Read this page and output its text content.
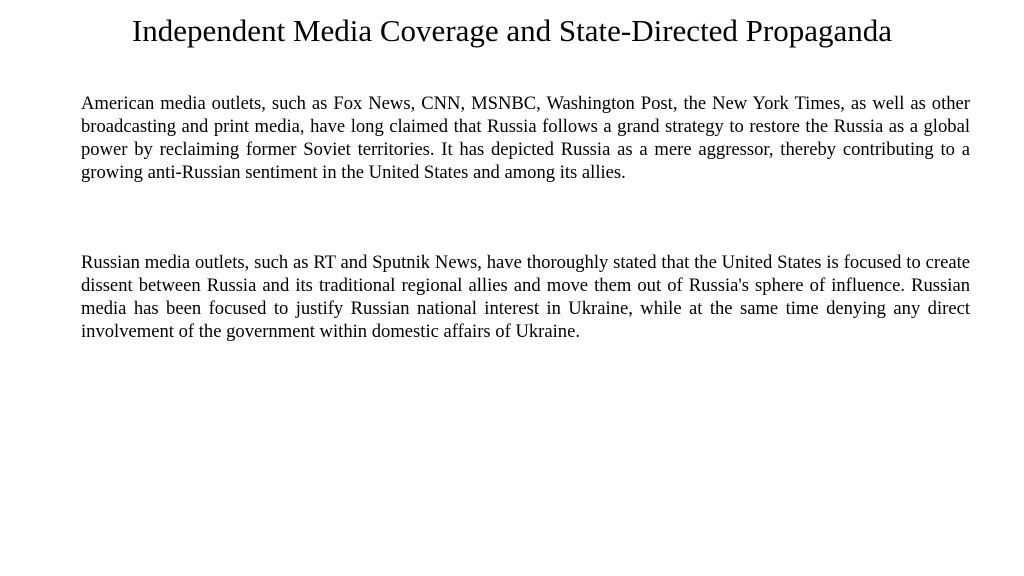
Independent Media Coverage and State-Directed Propaganda

American media outlets, such as Fox News, CNN, MSNBC, Washington Post, the New York Times, as well as other broadcasting and print media, have long claimed that Russia follows a grand strategy to restore the Russia as a global power by reclaiming former Soviet territories. It has depicted Russia as a mere aggressor, thereby contributing to a growing anti-Russian sentiment in the United States and among its allies.

Russian media outlets, such as RT and Sputnik News, have thoroughly stated that the United States is focused to create dissent between Russia and its traditional regional allies and move them out of Russia's sphere of influence. Russian media has been focused to justify Russian national interest in Ukraine, while at the same time denying any direct involvement of the government within domestic affairs of Ukraine.
